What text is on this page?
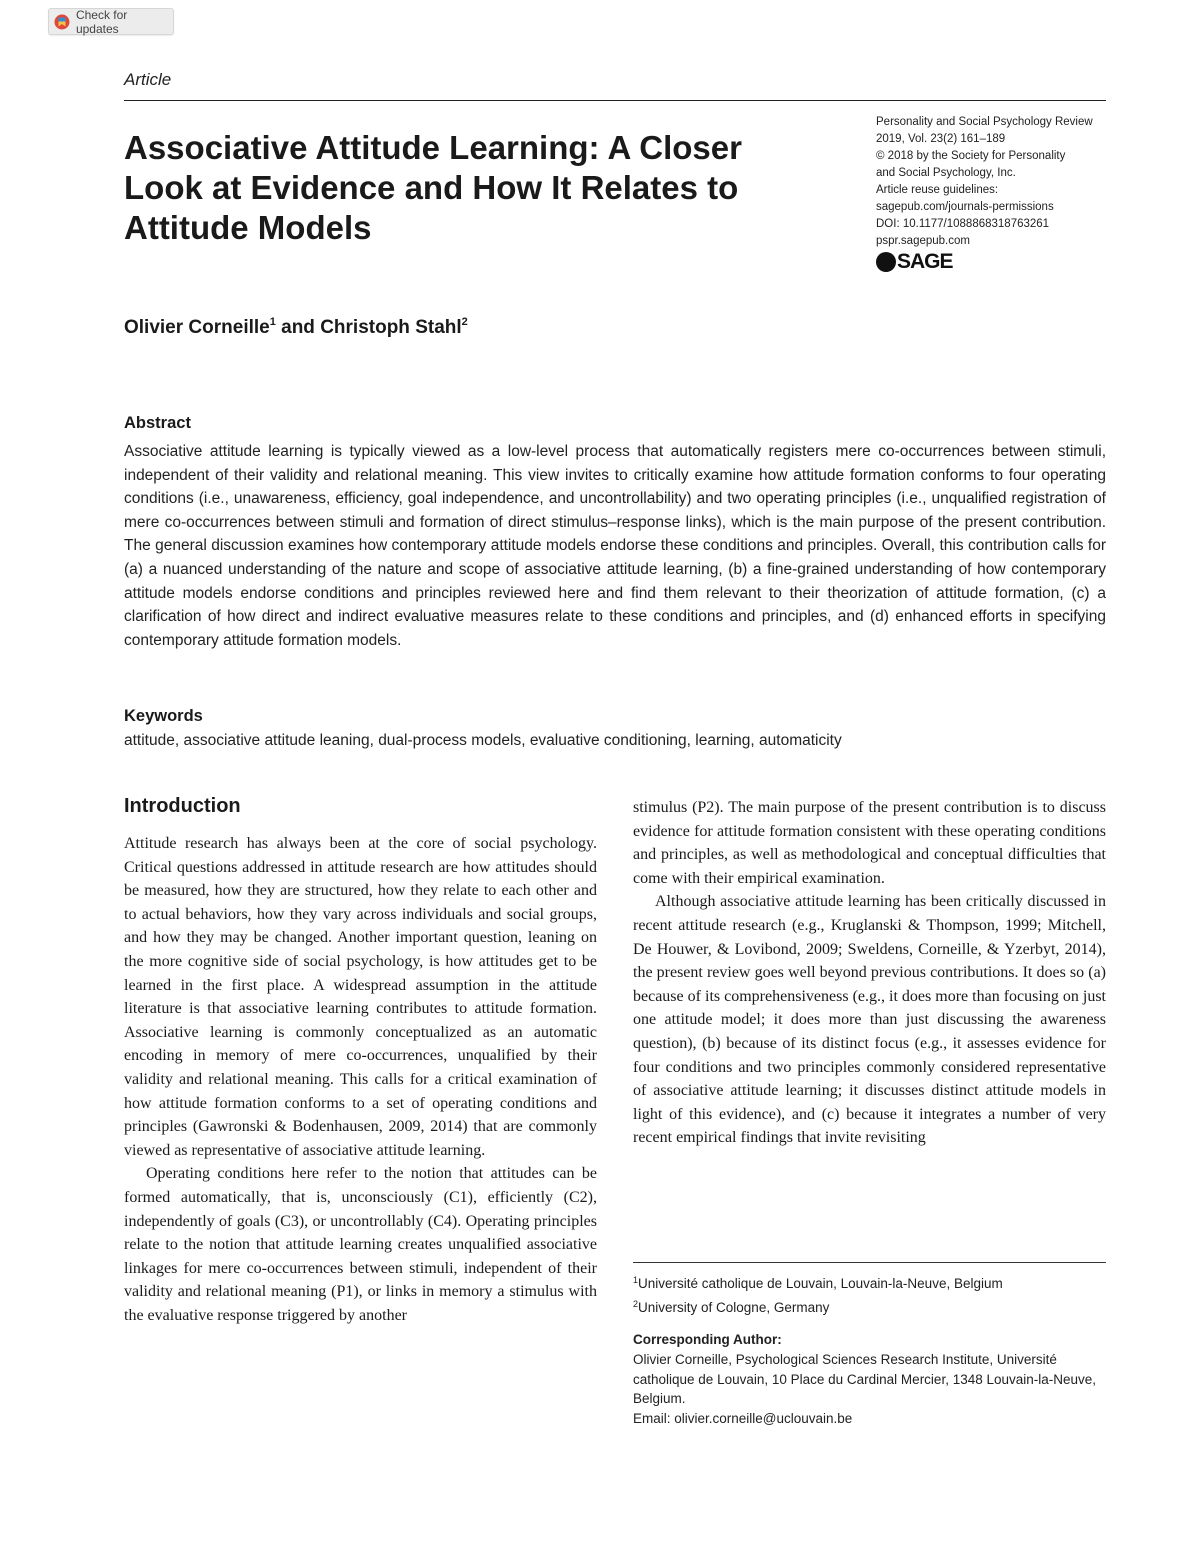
Check for updates
Article
Associative Attitude Learning: A Closer Look at Evidence and How It Relates to Attitude Models
Personality and Social Psychology Review
2019, Vol. 23(2) 161–189
© 2018 by the Society for Personality
and Social Psychology, Inc.
Article reuse guidelines:
sagepub.com/journals-permissions
DOI: 10.1177/1088868318763261
pspr.sagepub.com
SAGE
Olivier Corneille$^1$ and Christoph Stahl$^2$
Abstract

Associative attitude learning is typically viewed as a low-level process that automatically registers mere co-occurrences between stimuli, independent of their validity and relational meaning. This view invites to critically examine how attitude formation conforms to four operating conditions (i.e., unawareness, efficiency, goal independence, and uncontrollability) and two operating principles (i.e., unqualified registration of mere co-occurrences between stimuli and formation of direct stimulus–response links), which is the main purpose of the present contribution. The general discussion examines how contemporary attitude models endorse these conditions and principles. Overall, this contribution calls for (a) a nuanced understanding of the nature and scope of associative attitude learning, (b) a fine-grained understanding of how contemporary attitude models endorse conditions and principles reviewed here and find them relevant to their theorization of attitude formation, (c) a clarification of how direct and indirect evaluative measures relate to these conditions and principles, and (d) enhanced efforts in specifying contemporary attitude formation models.

Keywords
attitude, associative attitude leaning, dual-process models, evaluative conditioning, learning, automaticity
Introduction

Attitude research has always been at the core of social psychology. Critical questions addressed in attitude research are how attitudes should be measured, how they are structured, how they relate to each other and to actual behaviors, how they vary across individuals and social groups, and how they may be changed. Another important question, leaning on the more cognitive side of social psychology, is how attitudes get to be learned in the first place. A widespread assumption in the attitude literature is that associative learning contributes to attitude formation. Associative learning is commonly conceptualized as an automatic encoding in memory of mere co-occurrences, unqualified by their validity and relational meaning. This calls for a critical examination of how attitude formation conforms to a set of operating conditions and principles (Gawronski & Bodenhausen, 2009, 2014) that are commonly viewed as representative of associative attitude learning.

Operating conditions here refer to the notion that attitudes can be formed automatically, that is, unconsciously (C1), efficiently (C2), independently of goals (C3), or uncontrollably (C4). Operating principles relate to the notion that attitude learning creates unqualified associative linkages for mere co-occurrences between stimuli, independent of their validity and relational meaning (P1), or links in memory a stimulus with the evaluative response triggered by another

stimulus (P2). The main purpose of the present contribution is to discuss evidence for attitude formation consistent with these operating conditions and principles, as well as methodological and conceptual difficulties that come with their empirical examination.

Although associative attitude learning has been critically discussed in recent attitude research (e.g., Kruglanski & Thompson, 1999; Mitchell, De Houwer, & Lovibond, 2009; Sweldens, Corneille, & Yzerbyt, 2014), the present review goes well beyond previous contributions. It does so (a) because of its comprehensiveness (e.g., it does more than focusing on just one attitude model; it does more than just discussing the awareness question), (b) because of its distinct focus (e.g., it assesses evidence for four conditions and two principles commonly considered representative of associative attitude learning; it discusses distinct attitude models in light of this evidence), and (c) because it integrates a number of very recent empirical findings that invite revisiting

$^1$Université catholique de Louvain, Louvain-la-Neuve, Belgium
$^2$University of Cologne, Germany
Corresponding Author:
Olivier Corneille, Psychological Sciences Research Institute, Université catholique de Louvain, 10 Place du Cardinal Mercier, 1348 Louvain-la-Neuve, Belgium.
Email: olivier.corneille@uclouvain.be
